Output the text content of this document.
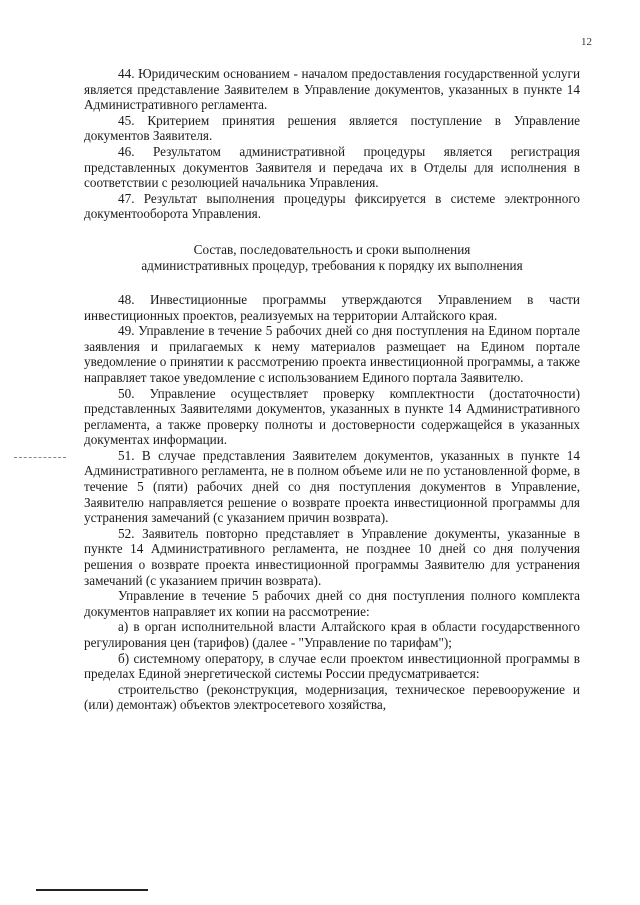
12

44. Юридическим основанием - началом предоставления государственной услуги является представление Заявителем в Управление документов, указанных в пункте 14 Административного регламента.

45. Критерием принятия решения является поступление в Управление документов Заявителя.

46. Результатом административной процедуры является регистрация представленных документов Заявителя и передача их в Отделы для исполнения в соответствии с резолюцией начальника Управления.

47. Результат выполнения процедуры фиксируется в системе электронного документооборота Управления.

Состав, последовательность и сроки выполнения
административных процедур, требования к порядку их выполнения

48. Инвестиционные программы утверждаются Управлением в части инвестиционных проектов, реализуемых на территории Алтайского края.

49. Управление в течение 5 рабочих дней со дня поступления на Едином портале заявления и прилагаемых к нему материалов размещает на Едином портале уведомление о принятии к рассмотрению проекта инвестиционной программы, а также направляет такое уведомление с использованием Единого портала Заявителю.

50. Управление осуществляет проверку комплектности (достаточности) представленных Заявителями документов, указанных в пункте 14 Административного регламента, а также проверку полноты и достоверности содержащейся в указанных документах информации.

51. В случае представления Заявителем документов, указанных в пункте 14 Административного регламента, не в полном объеме или не по установленной форме, в течение 5 (пяти) рабочих дней со дня поступления документов в Управление, Заявителю направляется решение о возврате проекта инвестиционной программы для устранения замечаний (с указанием причин возврата).

52. Заявитель повторно представляет в Управление документы, указанные в пункте 14 Административного регламента, не позднее 10 дней со дня получения решения о возврате проекта инвестиционной программы Заявителю для устранения замечаний (с указанием причин возврата).

Управление в течение 5 рабочих дней со дня поступления полного комплекта документов направляет их копии на рассмотрение:

а) в орган исполнительной власти Алтайского края в области государственного регулирования цен (тарифов) (далее - "Управление по тарифам");

б) системному оператору, в случае если проектом инвестиционной программы в пределах Единой энергетической системы России предусматривается:

строительство (реконструкция, модернизация, техническое перевооружение и (или) демонтаж) объектов электросетевого хозяйства,
